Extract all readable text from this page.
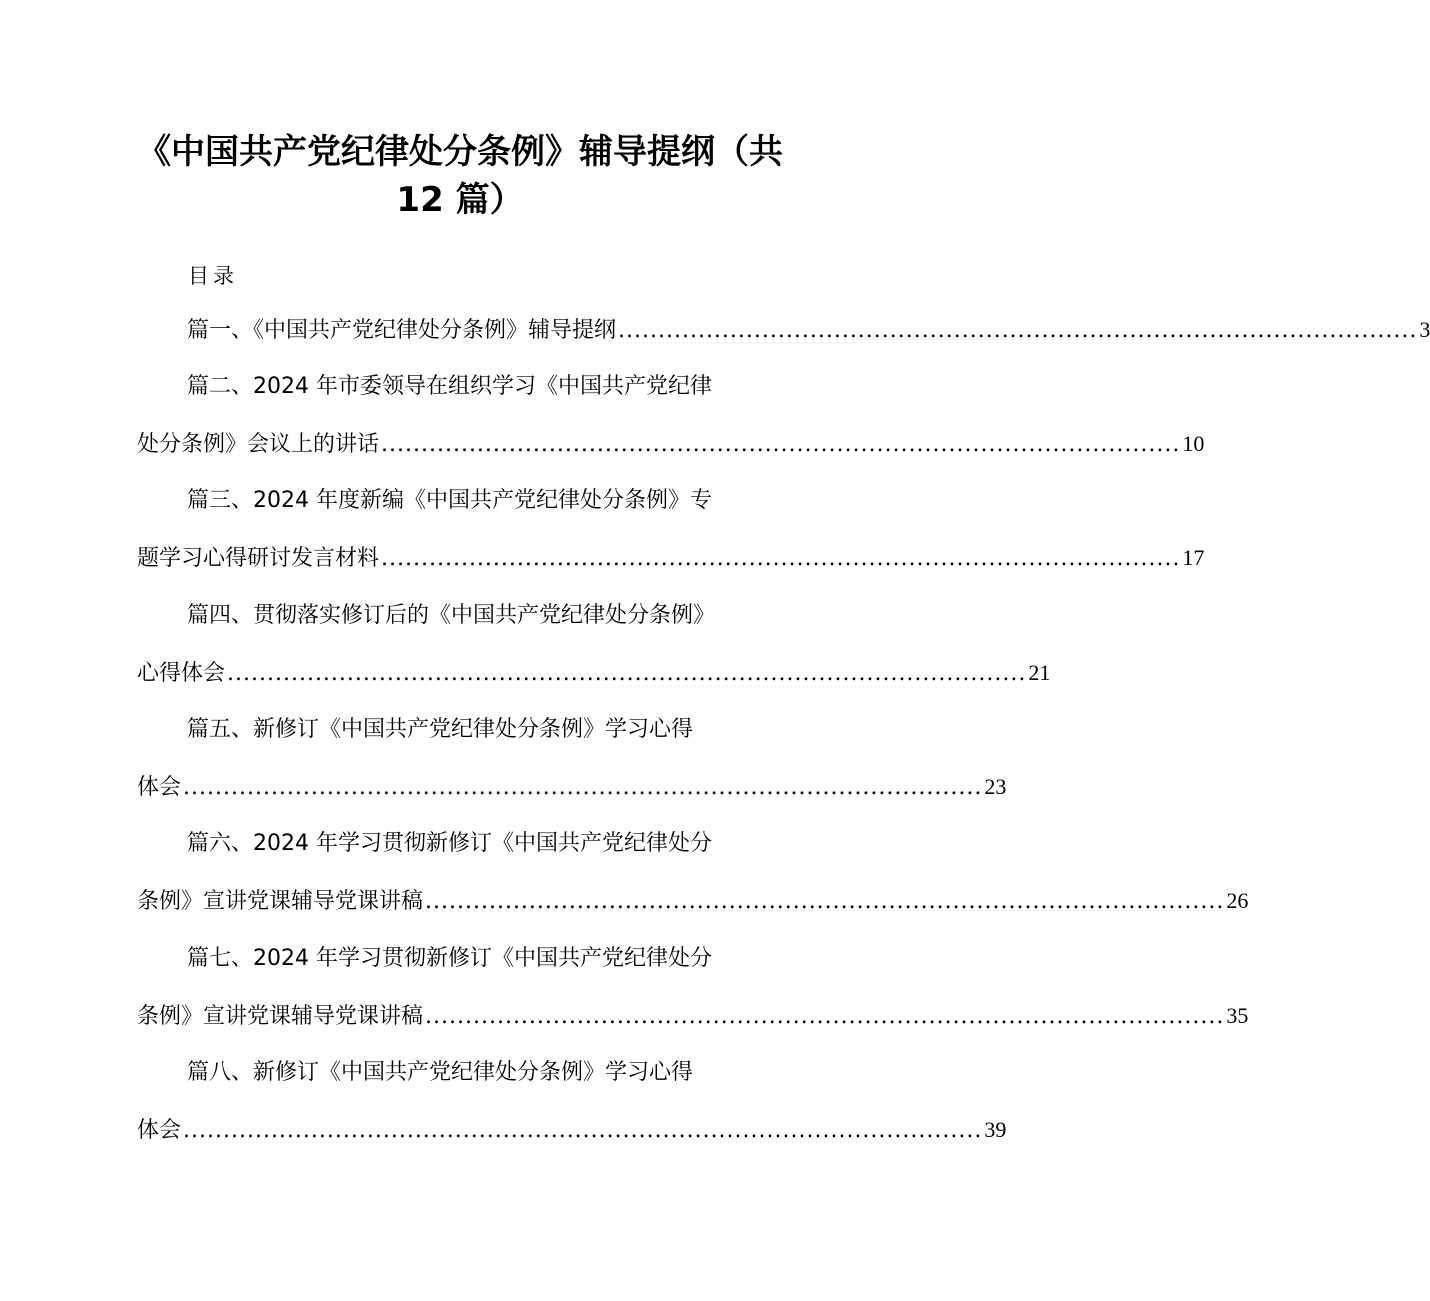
《中国共产党纪律处分条例》辅导提纲（共
12 篇）
目录
篇一、《中国共产党纪律处分条例》辅导提纲 .................................................................................................... 3
篇二、2024 年市委领导在组织学习《中国共产党纪律
处分条例》会议上的讲话 .................................................................................................... 10
篇三、2024 年度新编《中国共产党纪律处分条例》专
题学习心得研讨发言材料 .................................................................................................... 17
篇四、贯彻落实修订后的《中国共产党纪律处分条例》
心得体会 .................................................................................................... 21
篇五、新修订《中国共产党纪律处分条例》学习心得
体会 .................................................................................................... 23
篇六、2024 年学习贯彻新修订《中国共产党纪律处分
条例》宣讲党课辅导党课讲稿 .................................................................................................... 26
篇七、2024 年学习贯彻新修订《中国共产党纪律处分
条例》宣讲党课辅导党课讲稿 .................................................................................................... 35
篇八、新修订《中国共产党纪律处分条例》学习心得
体会 .................................................................................................... 39
